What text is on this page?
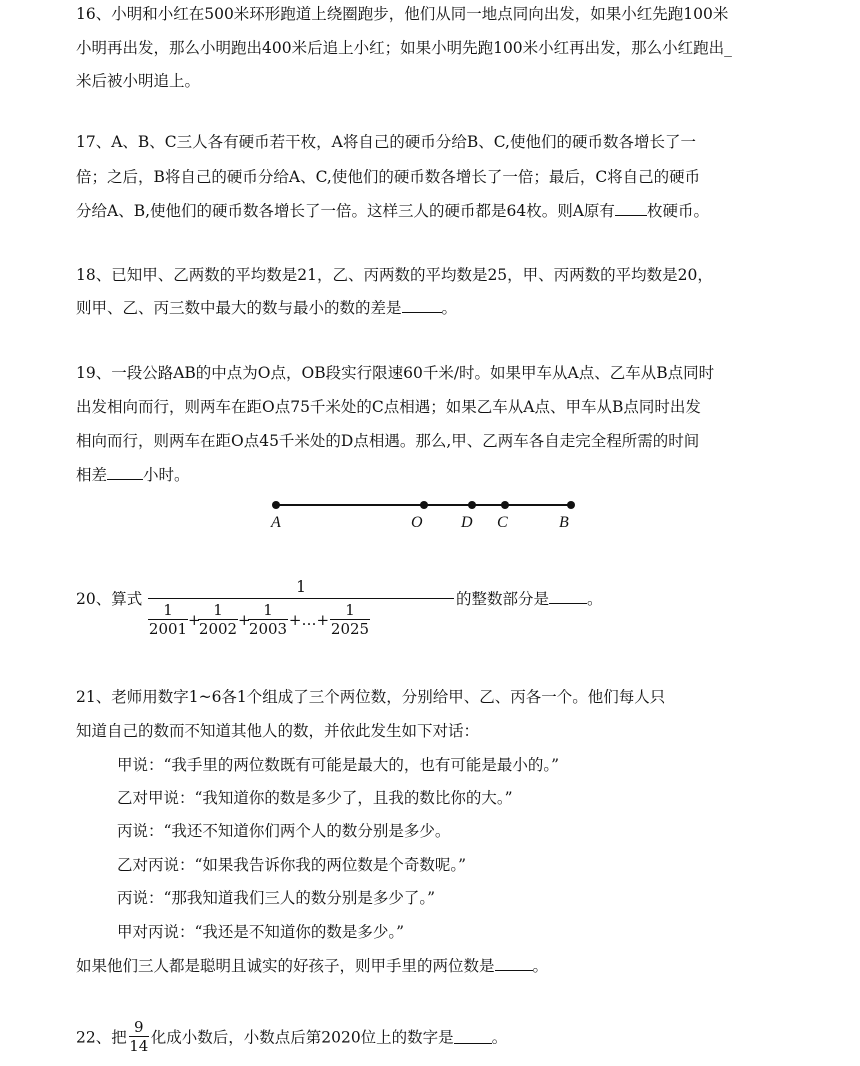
16、小明和小红在500米环形跑道上绕圈跑步，他们从同一地点同向出发，如果小红先跑100米
小明再出发，那么小明跑出400米后追上小红；如果小明先跑100米小红再出发，那么小红跑出_
米后被小明追上。
17、A、B、C三人各有硬币若干枚，A将自己的硬币分给B、C,使他们的硬币数各增长了一
倍；之后，B将自己的硬币分给A、C,使他们的硬币数各增长了一倍；最后，C将自己的硬币
分给A、B,使他们的硬币数各增长了一倍。这样三人的硬币都是64枚。则A原有 枚硬币。
18、已知甲、乙两数的平均数是21，乙、丙两数的平均数是25，甲、丙两数的平均数是20，
则甲、乙、丙三数中最大的数与最小的数的差是	。
19、一段公路AB的中点为O点，OB段实行限速60千米/时。如果甲车从A点、乙车从B点同时
出发相向而行，则两车在距O点75千米处的C点相遇；如果乙车从A点、甲车从B点同时出发
相向而行，则两车在距O点45千米处的D点相遇。那么,甲、乙两车各自走完全程所需的时间
相差 小时。
A	O D C	B
20、算式
1
$\frac{1}{2001}$ +
$\frac{1}{2002}$ +
$\frac{1}{2003}$ +…+ $\frac{1}{2025}$
的整数部分是 。
21、老师用数字1~6各1个组成了三个两位数，分别给甲、乙、丙各一个。他们每人只
知道自己的数而不知道其他人的数，并依此发生如下对话：
甲说：“我手里的两位数既有可能是最大的，也有可能是最小的。”
乙对甲说：“我知道你的数是多少了，且我的数比你的大。”
丙说：“我还不知道你们两个人的数分别是多少。
乙对丙说：“如果我告诉你我的两位数是个奇数呢。”
丙说：“那我知道我们三人的数分别是多少了。”
甲对丙说：“我还是不知道你的数是多少。”
如果他们三人都是聪明且诚实的好孩子，则甲手里的两位数是 。
22、把 $\frac{9}{14}$ 化成小数后，小数点后第2020位上的数字是 。
